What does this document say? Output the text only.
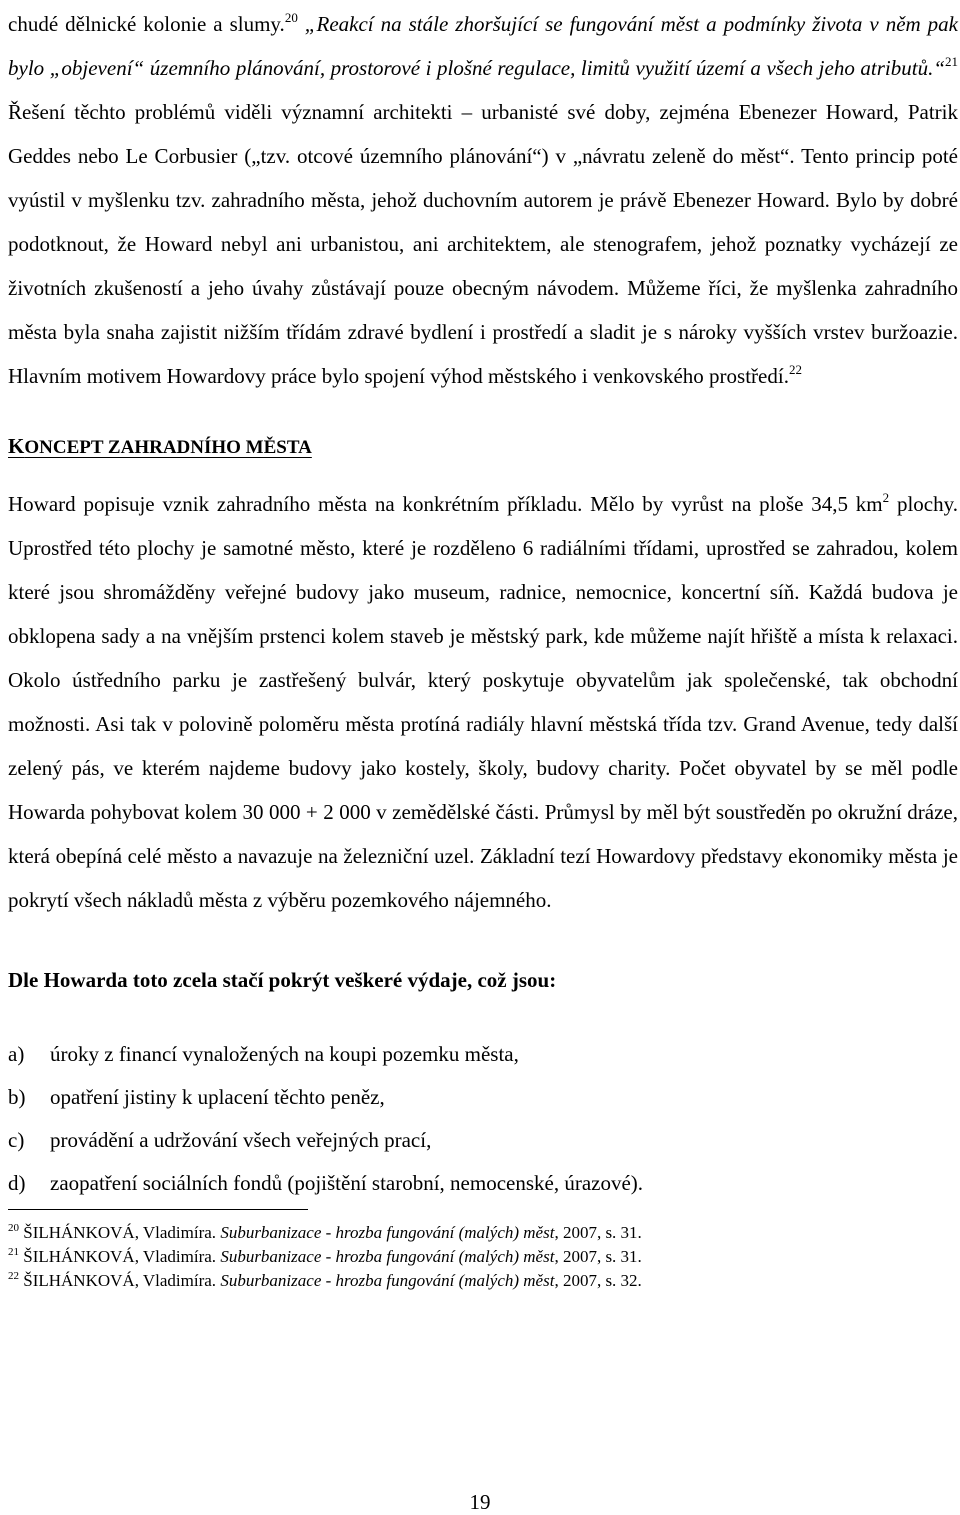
chudé dělnické kolonie a slumy.$^{20}$ „Reakcí na stále zhoršující se fungování měst a podmínky života v něm pak bylo „objevení“ územního plánování, prostorové i plošné regulace, limitů využití území a všech jeho atributů.“$^{21}$ Řešení těchto problémů viděli významní architekti – urbanisté své doby, zejména Ebenezer Howard, Patrik Geddes nebo Le Corbusier („tzv. otcové územního plánování“) v „návratu zeleně do měst“. Tento princip poté vyústil v myšlenku tzv. zahradního města, jehož duchovním autorem je právě Ebenezer Howard. Bylo by dobré podotknout, že Howard nebyl ani urbanistou, ani architektem, ale stenografem, jehož poznatky vycházejí ze životních zkušeností a jeho úvahy zůstávají pouze obecným návodem. Můžeme říci, že myšlenka zahradního města byla snaha zajistit nižším třídám zdravé bydlení i prostředí a sladit je s nároky vyšších vrstev buržoazie. Hlavním motivem Howardovy práce bylo spojení výhod městského i venkovského prostředí.$^{22}$

KONCEPT ZAHRADNÍHO MĚSTA

Howard popisuje vznik zahradního města na konkrétním příkladu. Mělo by vyrůst na ploše 34,5 $km^2$ plochy. Uprostřed této plochy je samotné město, které je rozděleno 6 radiálními třídami, uprostřed se zahradou, kolem které jsou shromážděny veřejné budovy jako museum, radnice, nemocnice, koncertní síň. Každá budova je obklopena sady a na vnějším prstenci kolem staveb je městský park, kde můžeme najít hřiště a místa k relaxaci. Okolo ústředního parku je zastřešený bulvár, který poskytuje obyvatelům jak společenské, tak obchodní možnosti. Asi tak v polovině poloměru města protíná radiály hlavní městská třída tzv. Grand Avenue, tedy další zelený pás, ve kterém najdeme budovy jako kostely, školy, budovy charity. Počet obyvatel by se měl podle Howarda pohybovat kolem 30 000 + 2 000 v zemědělské části. Průmysl by měl být soustředěn po okružní dráze, která obepíná celé město a navazuje na železniční uzel. Základní tezí Howardovy představy ekonomiky města je pokrytí všech nákladů města z výběru pozemkového nájemného.

Dle Howarda toto zcela stačí pokrýt veškeré výdaje, což jsou:

a)	úroky z financí vynaložených na koupi pozemku města,
b)	opatření jistiny k uplacení těchto peněz,
c)	provádění a udržování všech veřejných prací,
d)	zaopatření sociálních fondů (pojištění starobní, nemocenské, úrazové).

$^{20}$ ŠILHÁNKOVÁ, Vladimíra. Suburbanizace - hrozba fungování (malých) měst, 2007, s. 31.

$^{21}$ ŠILHÁNKOVÁ, Vladimíra. Suburbanizace - hrozba fungování (malých) měst, 2007, s. 31.

$^{22}$ ŠILHÁNKOVÁ, Vladimíra. Suburbanizace - hrozba fungování (malých) měst, 2007, s. 32.

19
